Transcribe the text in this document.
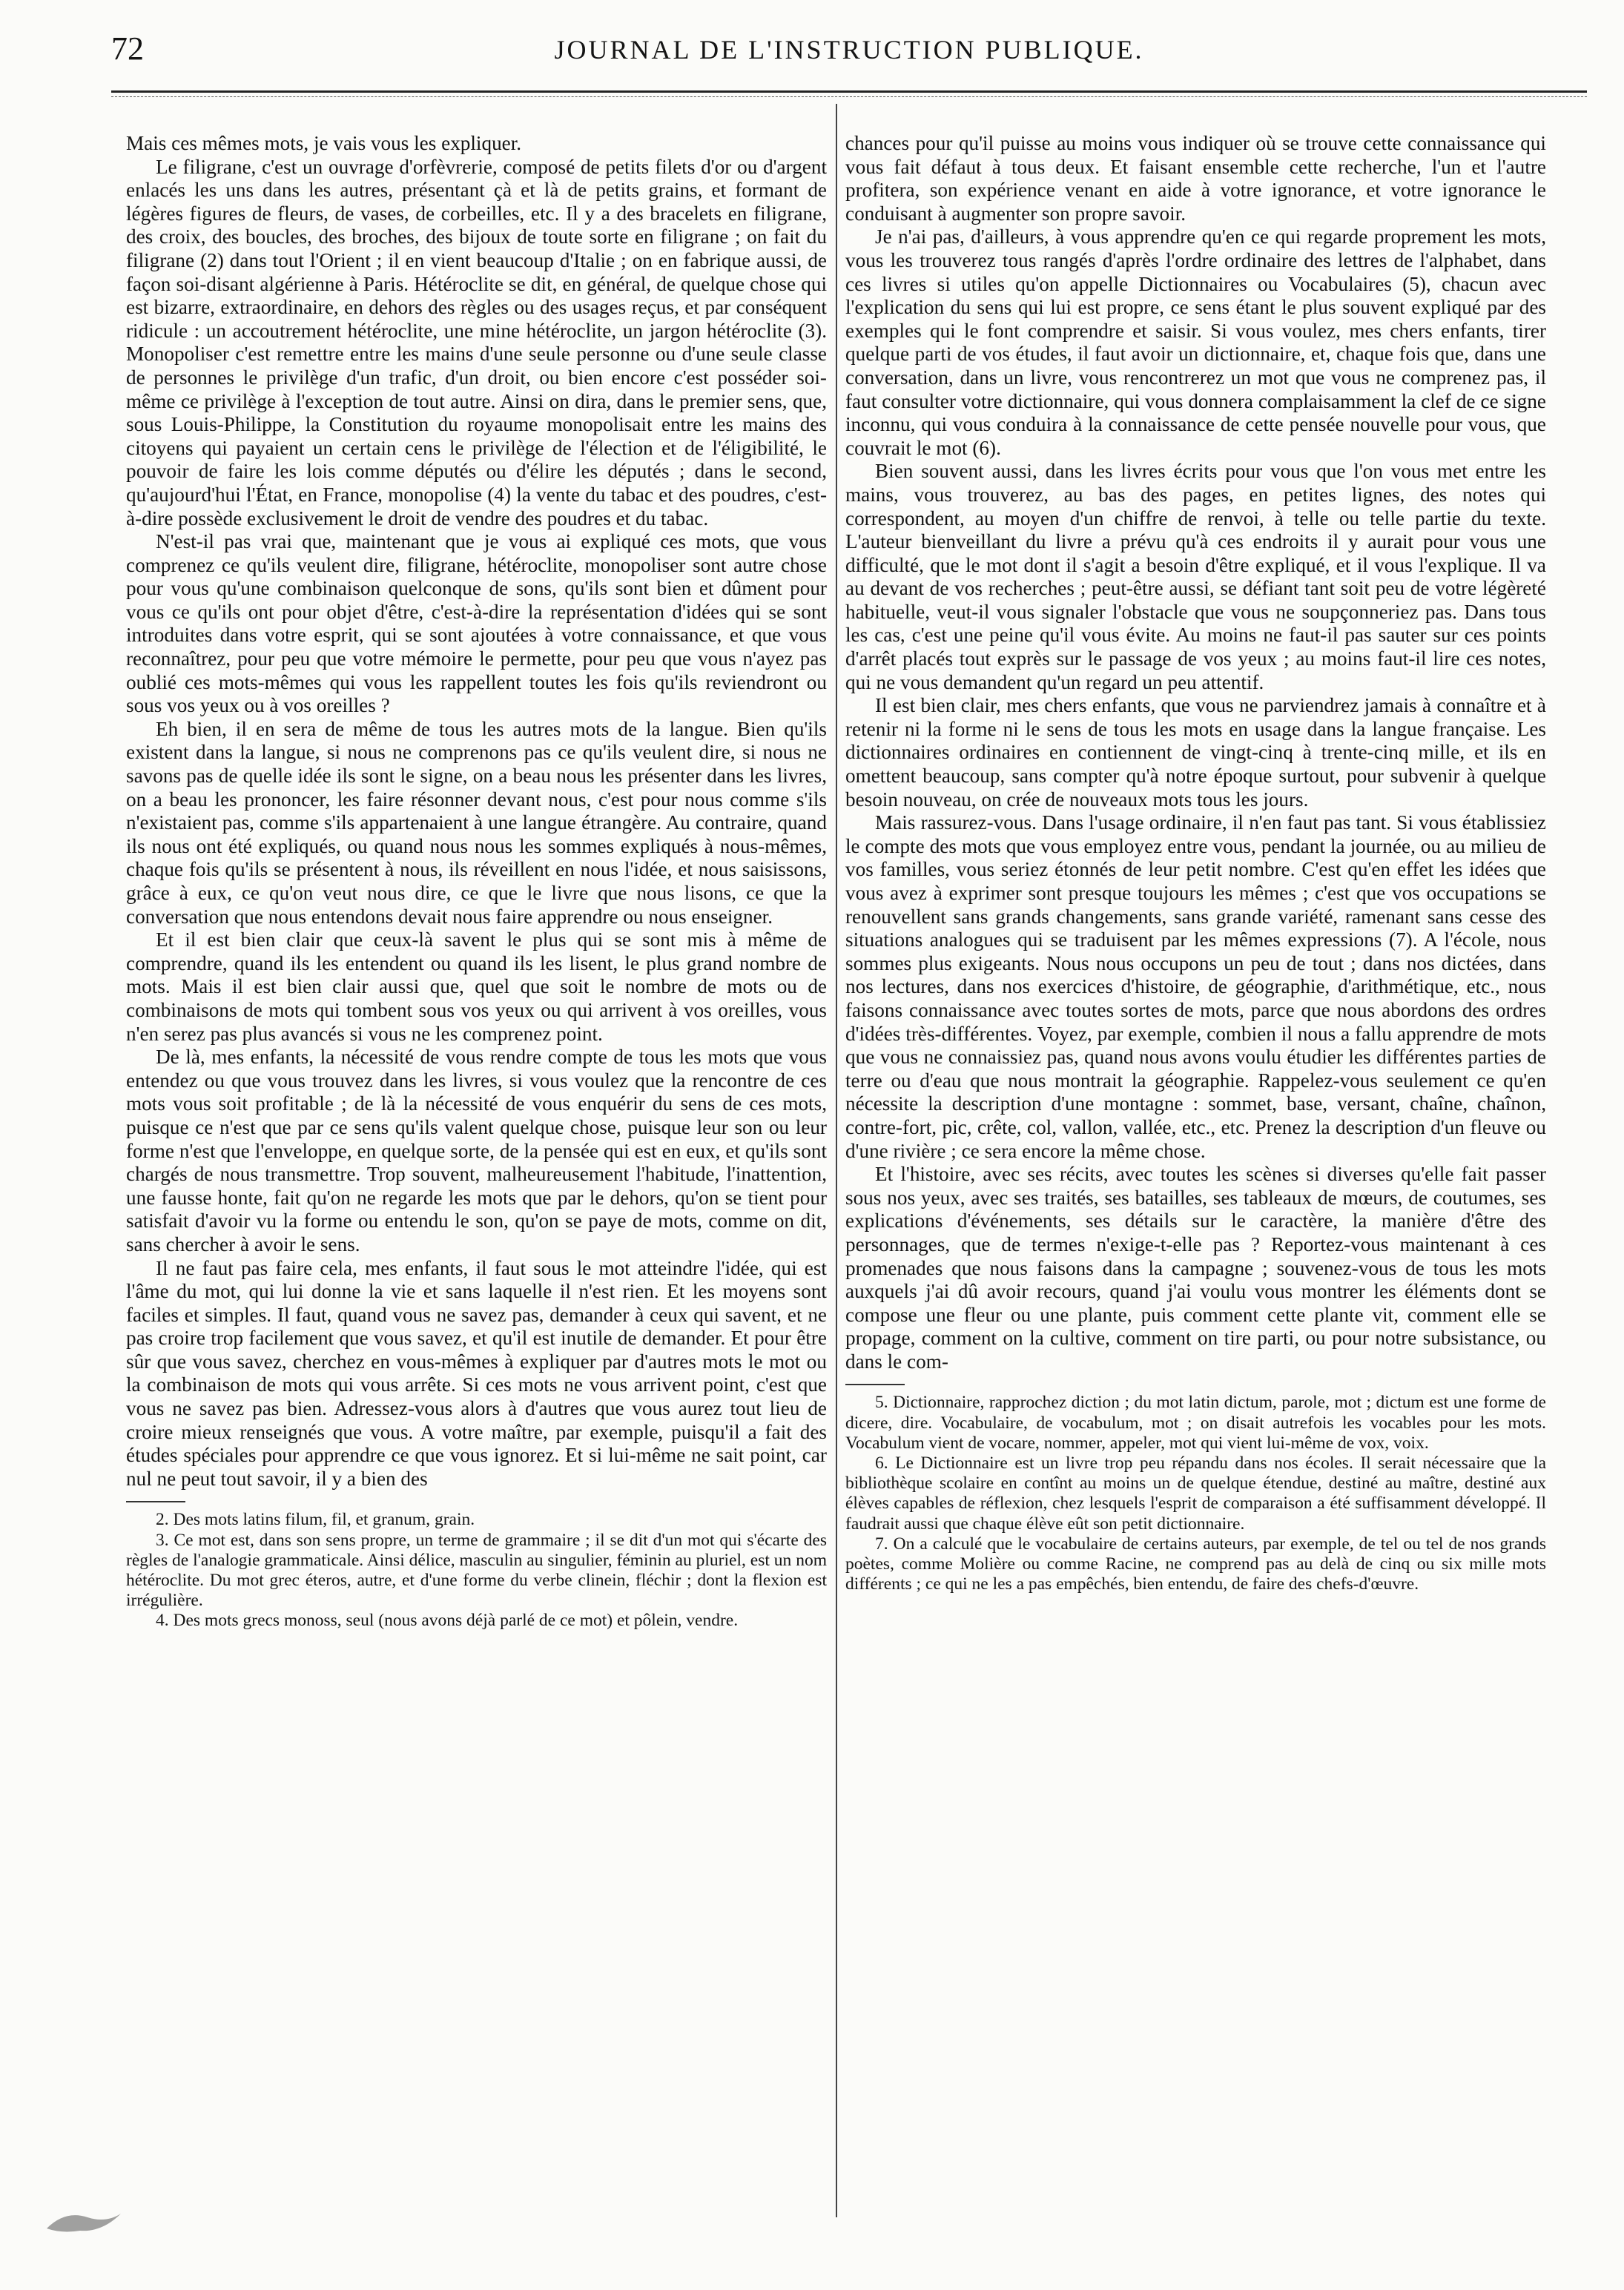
72	JOURNAL DE L'INSTRUCTION PUBLIQUE.

Mais ces mêmes mots, je vais vous les expliquer.

Le filigrane, c'est un ouvrage d'orfèvrerie, composé de petits filets d'or ou d'argent enlacés les uns dans les autres, présentant çà et là de petits grains, et formant de légères figures de fleurs, de vases, de corbeilles, etc. Il y a des bracelets en filigrane, des croix, des boucles, des broches, des bijoux de toute sorte en filigrane ; on fait du filigrane (2) dans tout l'Orient ; il en vient beaucoup d'Italie ; on en fabrique aussi, de façon soi-disant algérienne à Paris. Hétéroclite se dit, en général, de quelque chose qui est bizarre, extraordinaire, en dehors des règles ou des usages reçus, et par conséquent ridicule : un accoutrement hétéroclite, une mine hétéroclite, un jargon hétéroclite (3). Monopoliser c'est remettre entre les mains d'une seule personne ou d'une seule classe de personnes le privilège d'un trafic, d'un droit, ou bien encore c'est posséder soi-même ce privilège à l'exception de tout autre. Ainsi on dira, dans le premier sens, que, sous Louis-Philippe, la Constitution du royaume monopolisait entre les mains des citoyens qui payaient un certain cens le privilège de l'élection et de l'éligibilité, le pouvoir de faire les lois comme députés ou d'élire les députés ; dans le second, qu'aujourd'hui l'État, en France, monopolise (4) la vente du tabac et des poudres, c'est-à-dire possède exclusivement le droit de vendre des poudres et du tabac.

N'est-il pas vrai que, maintenant que je vous ai expliqué ces mots, que vous comprenez ce qu'ils veulent dire, filigrane, hétéroclite, monopoliser sont autre chose pour vous qu'une combinaison quelconque de sons, qu'ils sont bien et dûment pour vous ce qu'ils ont pour objet d'être, c'est-à-dire la représentation d'idées qui se sont introduites dans votre esprit, qui se sont ajoutées à votre connaissance, et que vous reconnaîtrez, pour peu que votre mémoire le permette, pour peu que vous n'ayez pas oublié ces mots-mêmes qui vous les rappellent toutes les fois qu'ils reviendront ou sous vos yeux ou à vos oreilles ?

Eh bien, il en sera de même de tous les autres mots de la langue. Bien qu'ils existent dans la langue, si nous ne comprenons pas ce qu'ils veulent dire, si nous ne savons pas de quelle idée ils sont le signe, on a beau nous les présenter dans les livres, on a beau les prononcer, les faire résonner devant nous, c'est pour nous comme s'ils n'existaient pas, comme s'ils appartenaient à une langue étrangère. Au contraire, quand ils nous ont été expliqués, ou quand nous nous les sommes expliqués à nous-mêmes, chaque fois qu'ils se présentent à nous, ils réveillent en nous l'idée, et nous saisissons, grâce à eux, ce qu'on veut nous dire, ce que le livre que nous lisons, ce que la conversation que nous entendons devait nous faire apprendre ou nous enseigner.

Et il est bien clair que ceux-là savent le plus qui se sont mis à même de comprendre, quand ils les entendent ou quand ils les lisent, le plus grand nombre de mots. Mais il est bien clair aussi que, quel que soit le nombre de mots ou de combinaisons de mots qui tombent sous vos yeux ou qui arrivent à vos oreilles, vous n'en serez pas plus avancés si vous ne les comprenez point.

De là, mes enfants, la nécessité de vous rendre compte de tous les mots que vous entendez ou que vous trouvez dans les livres, si vous voulez que la rencontre de ces mots vous soit profitable ; de là la nécessité de vous enquérir du sens de ces mots, puisque ce n'est que par ce sens qu'ils valent quelque chose, puisque leur son ou leur forme n'est que l'enveloppe, en quelque sorte, de la pensée qui est en eux, et qu'ils sont chargés de nous transmettre. Trop souvent, malheureusement l'habitude, l'inattention, une fausse honte, fait qu'on ne regarde les mots que par le dehors, qu'on se tient pour satisfait d'avoir vu la forme ou entendu le son, qu'on se paye de mots, comme on dit, sans chercher à avoir le sens.

Il ne faut pas faire cela, mes enfants, il faut sous le mot atteindre l'idée, qui est l'âme du mot, qui lui donne la vie et sans laquelle il n'est rien. Et les moyens sont faciles et simples. Il faut, quand vous ne savez pas, demander à ceux qui savent, et ne pas croire trop facilement que vous savez, et qu'il est inutile de demander. Et pour être sûr que vous savez, cherchez en vous-mêmes à expliquer par d'autres mots le mot ou la combinaison de mots qui vous arrête. Si ces mots ne vous arrivent point, c'est que vous ne savez pas bien. Adressez-vous alors à d'autres que vous aurez tout lieu de croire mieux renseignés que vous. A votre maître, par exemple, puisqu'il a fait des études spéciales pour apprendre ce que vous ignorez. Et si lui-même ne sait point, car nul ne peut tout savoir, il y a bien des

2. Des mots latins filum, fil, et granum, grain.

3. Ce mot est, dans son sens propre, un terme de grammaire ; il se dit d'un mot qui s'écarte des règles de l'analogie grammaticale. Ainsi délice, masculin au singulier, féminin au pluriel, est un nom hétéroclite. Du mot grec éteros, autre, et d'une forme du verbe clinein, fléchir ; dont la flexion est irrégulière.

4. Des mots grecs monoss, seul (nous avons déjà parlé de ce mot) et pôlein, vendre.

chances pour qu'il puisse au moins vous indiquer où se trouve cette connaissance qui vous fait défaut à tous deux. Et faisant ensemble cette recherche, l'un et l'autre profitera, son expérience venant en aide à votre ignorance, et votre ignorance le conduisant à augmenter son propre savoir.

Je n'ai pas, d'ailleurs, à vous apprendre qu'en ce qui regarde proprement les mots, vous les trouverez tous rangés d'après l'ordre ordinaire des lettres de l'alphabet, dans ces livres si utiles qu'on appelle Dictionnaires ou Vocabulaires (5), chacun avec l'explication du sens qui lui est propre, ce sens étant le plus souvent expliqué par des exemples qui le font comprendre et saisir. Si vous voulez, mes chers enfants, tirer quelque parti de vos études, il faut avoir un dictionnaire, et, chaque fois que, dans une conversation, dans un livre, vous rencontrerez un mot que vous ne comprenez pas, il faut consulter votre dictionnaire, qui vous donnera complaisamment la clef de ce signe inconnu, qui vous conduira à la connaissance de cette pensée nouvelle pour vous, que couvrait le mot (6).

Bien souvent aussi, dans les livres écrits pour vous que l'on vous met entre les mains, vous trouverez, au bas des pages, en petites lignes, des notes qui correspondent, au moyen d'un chiffre de renvoi, à telle ou telle partie du texte. L'auteur bienveillant du livre a prévu qu'à ces endroits il y aurait pour vous une difficulté, que le mot dont il s'agit a besoin d'être expliqué, et il vous l'explique. Il va au devant de vos recherches ; peut-être aussi, se défiant tant soit peu de votre légèreté habituelle, veut-il vous signaler l'obstacle que vous ne soupçonneriez pas. Dans tous les cas, c'est une peine qu'il vous évite. Au moins ne faut-il pas sauter sur ces points d'arrêt placés tout exprès sur le passage de vos yeux ; au moins faut-il lire ces notes, qui ne vous demandent qu'un regard un peu attentif.

Il est bien clair, mes chers enfants, que vous ne parviendrez jamais à connaître et à retenir ni la forme ni le sens de tous les mots en usage dans la langue française. Les dictionnaires ordinaires en contiennent de vingt-cinq à trente-cinq mille, et ils en omettent beaucoup, sans compter qu'à notre époque surtout, pour subvenir à quelque besoin nouveau, on crée de nouveaux mots tous les jours.

Mais rassurez-vous. Dans l'usage ordinaire, il n'en faut pas tant. Si vous établissiez le compte des mots que vous employez entre vous, pendant la journée, ou au milieu de vos familles, vous seriez étonnés de leur petit nombre. C'est qu'en effet les idées que vous avez à exprimer sont presque toujours les mêmes ; c'est que vos occupations se renouvellent sans grands changements, sans grande variété, ramenant sans cesse des situations analogues qui se traduisent par les mêmes expressions (7). A l'école, nous sommes plus exigeants. Nous nous occupons un peu de tout ; dans nos dictées, dans nos lectures, dans nos exercices d'histoire, de géographie, d'arithmétique, etc., nous faisons connaissance avec toutes sortes de mots, parce que nous abordons des ordres d'idées très-différentes. Voyez, par exemple, combien il nous a fallu apprendre de mots que vous ne connaissiez pas, quand nous avons voulu étudier les différentes parties de terre ou d'eau que nous montrait la géographie. Rappelez-vous seulement ce qu'en nécessite la description d'une montagne : sommet, base, versant, chaîne, chaînon, contre-fort, pic, crête, col, vallon, vallée, etc., etc. Prenez la description d'un fleuve ou d'une rivière ; ce sera encore la même chose.

Et l'histoire, avec ses récits, avec toutes les scènes si diverses qu'elle fait passer sous nos yeux, avec ses traités, ses batailles, ses tableaux de mœurs, de coutumes, ses explications d'événements, ses détails sur le caractère, la manière d'être des personnages, que de termes n'exige-t-elle pas ? Reportez-vous maintenant à ces promenades que nous faisons dans la campagne ; souvenez-vous de tous les mots auxquels j'ai dû avoir recours, quand j'ai voulu vous montrer les éléments dont se compose une fleur ou une plante, puis comment cette plante vit, comment elle se propage, comment on la cultive, comment on tire parti, ou pour notre subsistance, ou dans le com-

5. Dictionnaire, rapprochez diction ; du mot latin dictum, parole, mot ; dictum est une forme de dicere, dire. Vocabulaire, de vocabulum, mot ; on disait autrefois les vocables pour les mots. Vocabulum vient de vocare, nommer, appeler, mot qui vient lui-même de vox, voix.

6. Le Dictionnaire est un livre trop peu répandu dans nos écoles. Il serait nécessaire que la bibliothèque scolaire en contînt au moins un de quelque étendue, destiné au maître, destiné aux élèves capables de réflexion, chez lesquels l'esprit de comparaison a été suffisamment développé. Il faudrait aussi que chaque élève eût son petit dictionnaire.

7. On a calculé que le vocabulaire de certains auteurs, par exemple, de tel ou tel de nos grands poètes, comme Molière ou comme Racine, ne comprend pas au delà de cinq ou six mille mots différents ; ce qui ne les a pas empêchés, bien entendu, de faire des chefs-d'œuvre.
